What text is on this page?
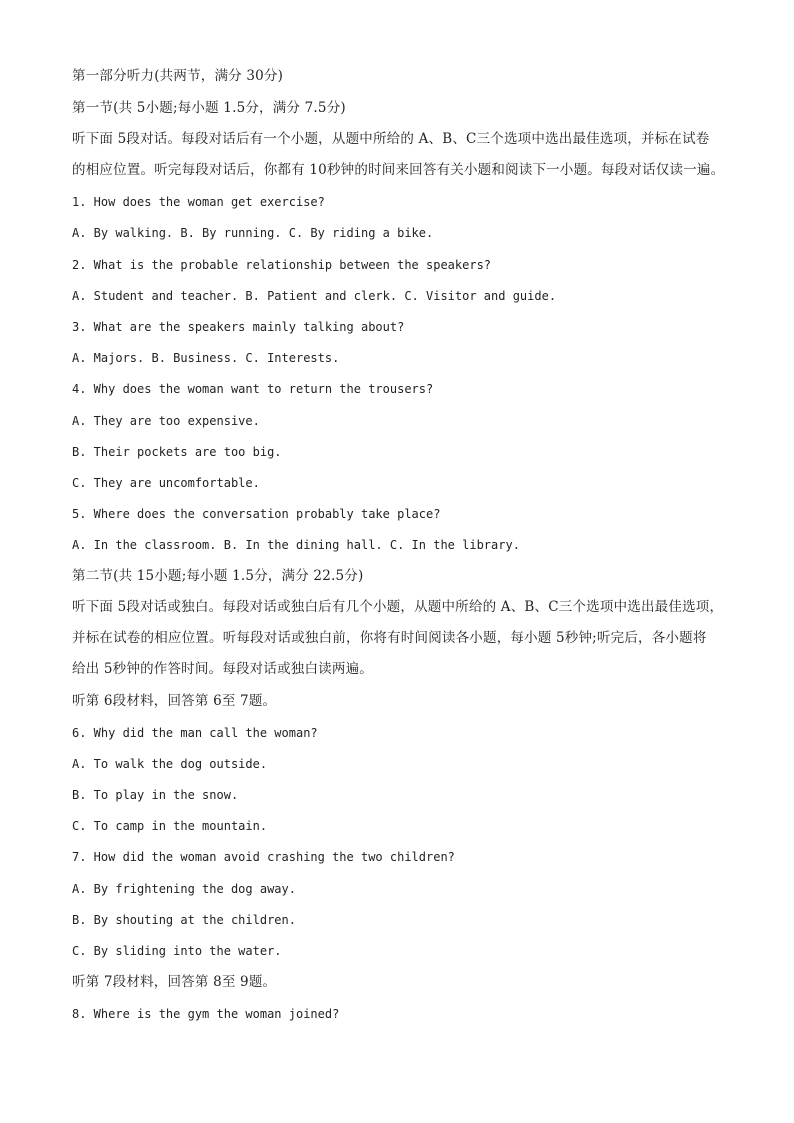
第一部分听力(共两节，满分 30分)
第一节(共 5小题;每小题 1.5分，满分 7.5分)
听下面 5段对话。每段对话后有一个小题，从题中所给的 A、B、C三个选项中选出最佳选项，并标在试卷
的相应位置。听完每段对话后，你都有 10秒钟的时间来回答有关小题和阅读下一小题。每段对话仅读一遍。
1. How does the woman get exercise?
A. By walking. B. By running. C. By riding a bike.
2. What is the probable relationship between the speakers?
A. Student and teacher. B. Patient and clerk. C. Visitor and guide.
3. What are the speakers mainly talking about?
A. Majors. B. Business. C. Interests.
4. Why does the woman want to return the trousers?
A. They are too expensive.
B. Their pockets are too big.
C. They are uncomfortable.
5. Where does the conversation probably take place?
A. In the classroom. B. In the dining hall. C. In the library.
第二节(共 15小题;每小题 1.5分，满分 22.5分)
听下面 5段对话或独白。每段对话或独白后有几个小题，从题中所给的 A、B、C三个选项中选出最佳选项，
并标在试卷的相应位置。听每段对话或独白前，你将有时间阅读各小题，每小题 5秒钟;听完后，各小题将
给出 5秒钟的作答时间。每段对话或独白读两遍。
听第 6段材料，回答第 6至 7题。
6. Why did the man call the woman?
A. To walk the dog outside.
B. To play in the snow.
C. To camp in the mountain.
7. How did the woman avoid crashing the two children?
A. By frightening the dog away.
B. By shouting at the children.
C. By sliding into the water.
听第 7段材料，回答第 8至 9题。
8. Where is the gym the woman joined?
